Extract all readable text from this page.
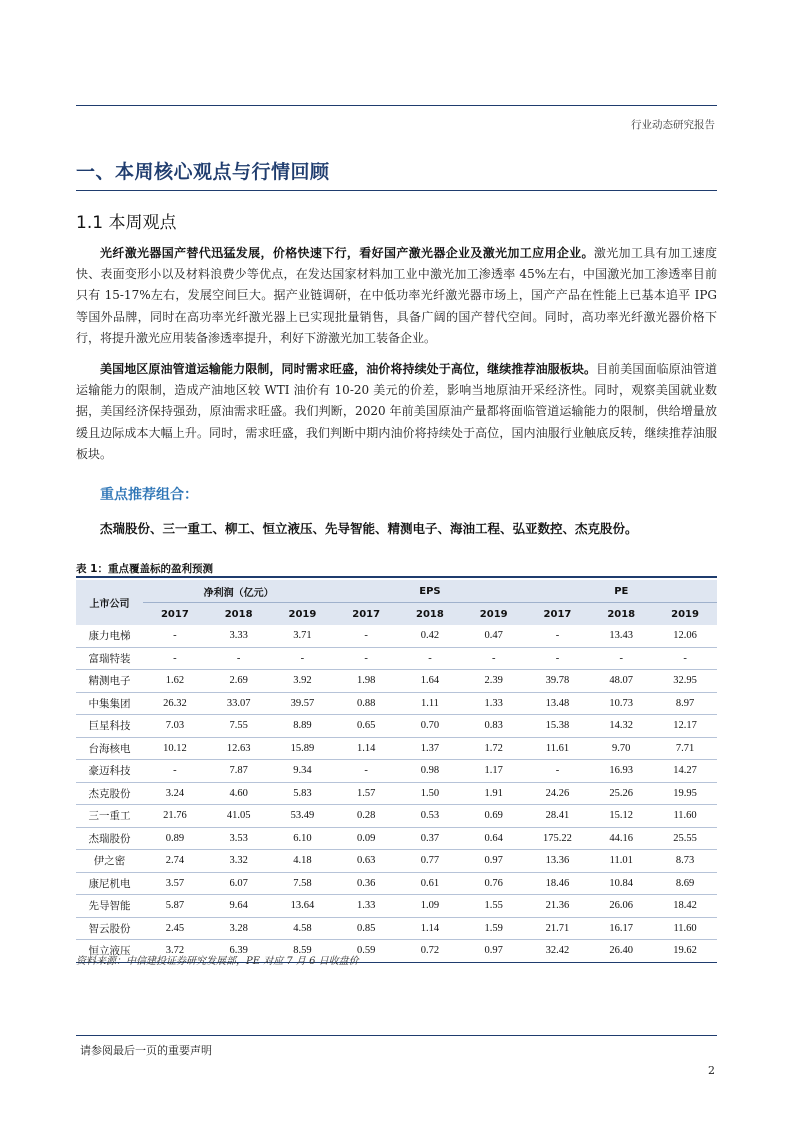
行业动态研究报告
一、本周核心观点与行情回顾
1.1 本周观点

光纤激光器国产替代迅猛发展，价格快速下行，看好国产激光器企业及激光加工应用企业。激光加工具有加工速度快、表面变形小以及材料浪费少等优点，在发达国家材料加工业中激光加工渗透率 45%左右，中国激光加工渗透率目前只有 15-17%左右，发展空间巨大。据产业链调研，在中低功率光纤激光器市场上，国产产品在性能上已基本追平 IPG 等国外品牌，同时在高功率光纤激光器上已实现批量销售，具备广阔的国产替代空间。同时，高功率光纤激光器价格下行，将提升激光应用装备渗透率提升，利好下游激光加工装备企业。

美国地区原油管道运输能力限制，同时需求旺盛，油价将持续处于高位，继续推荐油服板块。目前美国面临原油管道运输能力的限制，造成产油地区较 WTI 油价有 10-20 美元的价差，影响当地原油开采经济性。同时，观察美国就业数据，美国经济保持强劲，原油需求旺盛。我们判断，2020 年前美国原油产量都将面临管道运输能力的限制，供给增量放缓且边际成本大幅上升。同时，需求旺盛，我们判断中期内油价将持续处于高位，国内油服行业触底反转，继续推荐油服板块。

重点推荐组合：
杰瑞股份、三一重工、柳工、恒立液压、先导智能、精测电子、海油工程、弘亚数控、杰克股份。
表 1：重点覆盖标的盈利预测
上市公司	净利润（亿元）			EPS			PE		
	2017	2018	2019	2017	2018	2019	2017	2018	2019
康力电梯	-	3.33	3.71	-	0.42	0.47	-	13.43	12.06
富瑞特装	-	-	-	-	-	-	-	-	-
精测电子	1.62	2.69	3.92	1.98	1.64	2.39	39.78	48.07	32.95
中集集团	26.32	33.07	39.57	0.88	1.11	1.33	13.48	10.73	8.97
巨星科技	7.03	7.55	8.89	0.65	0.70	0.83	15.38	14.32	12.17
台海核电	10.12	12.63	15.89	1.14	1.37	1.72	11.61	9.70	7.71
豪迈科技	-	7.87	9.34	-	0.98	1.17	-	16.93	14.27
杰克股份	3.24	4.60	5.83	1.57	1.50	1.91	24.26	25.26	19.95
三一重工	21.76	41.05	53.49	0.28	0.53	0.69	28.41	15.12	11.60
杰瑞股份	0.89	3.53	6.10	0.09	0.37	0.64	175.22	44.16	25.55
伊之密	2.74	3.32	4.18	0.63	0.77	0.97	13.36	11.01	8.73
康尼机电	3.57	6.07	7.58	0.36	0.61	0.76	18.46	10.84	8.69
先导智能	5.87	9.64	13.64	1.33	1.09	1.55	21.36	26.06	18.42
智云股份	2.45	3.28	4.58	0.85	1.14	1.59	21.71	16.17	11.60
恒立液压	3.72	6.39	8.59	0.59	0.72	0.97	32.42	26.40	19.62
资料来源：中信建投证券研究发展部，PE 对应 7 月 6 日收盘价
请参阅最后一页的重要声明
2
